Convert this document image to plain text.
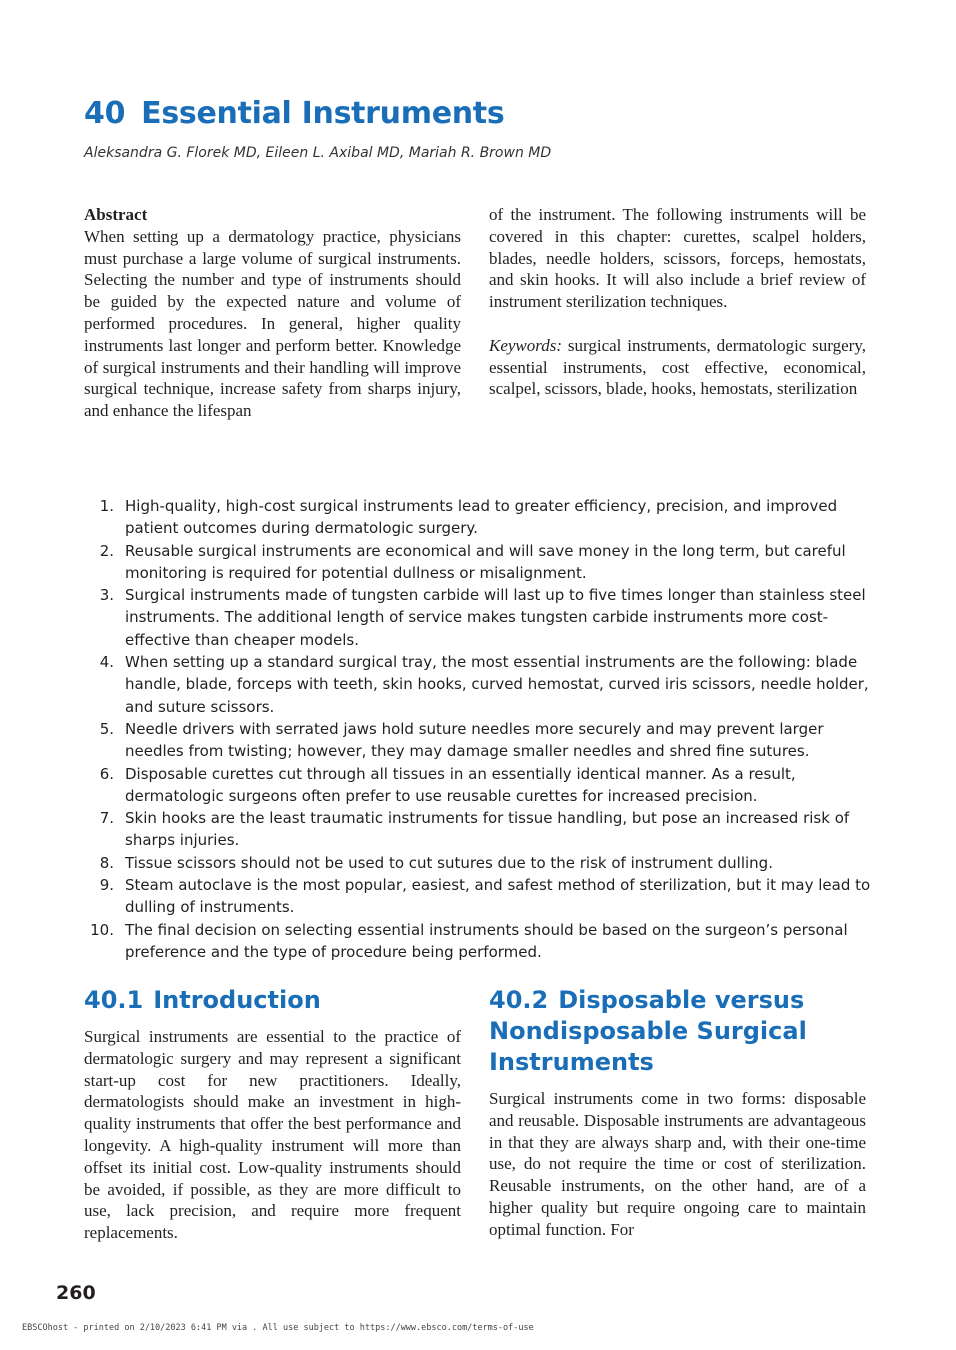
40 Essential Instruments
Aleksandra G. Florek MD, Eileen L. Axibal MD, Mariah R. Brown MD
Abstract
When setting up a dermatology practice, physicians must purchase a large volume of surgical instruments. Selecting the number and type of instruments should be guided by the expected nature and volume of performed procedures. In general, higher quality instruments last longer and perform better. Knowledge of surgical instruments and their handling will improve surgical technique, increase safety from sharps injury, and enhance the lifespan
of the instrument. The following instruments will be covered in this chapter: curettes, scalpel holders, blades, needle holders, scissors, forceps, hemostats, and skin hooks. It will also include a brief review of instrument sterilization techniques.
Keywords: surgical instruments, dermatologic surgery, essential instruments, cost effective, economical, scalpel, scissors, blade, hooks, hemostats, sterilization
1. High-quality, high-cost surgical instruments lead to greater efficiency, precision, and improved patient outcomes during dermatologic surgery.
2. Reusable surgical instruments are economical and will save money in the long term, but careful monitoring is required for potential dullness or misalignment.
3. Surgical instruments made of tungsten carbide will last up to five times longer than stainless steel instruments. The additional length of service makes tungsten carbide instruments more cost-effective than cheaper models.
4. When setting up a standard surgical tray, the most essential instruments are the following: blade handle, blade, forceps with teeth, skin hooks, curved hemostat, curved iris scissors, needle holder, and suture scissors.
5. Needle drivers with serrated jaws hold suture needles more securely and may prevent larger needles from twisting; however, they may damage smaller needles and shred fine sutures.
6. Disposable curettes cut through all tissues in an essentially identical manner. As a result, dermatologic surgeons often prefer to use reusable curettes for increased precision.
7. Skin hooks are the least traumatic instruments for tissue handling, but pose an increased risk of sharps injuries.
8. Tissue scissors should not be used to cut sutures due to the risk of instrument dulling.
9. Steam autoclave is the most popular, easiest, and safest method of sterilization, but it may lead to dulling of instruments.
10. The final decision on selecting essential instruments should be based on the surgeon’s personal preference and the type of procedure being performed.
40.1 Introduction
Surgical instruments are essential to the practice of dermatologic surgery and may represent a significant start-up cost for new practitioners. Ideally, dermatologists should make an investment in high-quality instruments that offer the best performance and longevity. A high-quality instrument will more than offset its initial cost. Low-quality instruments should be avoided, if possible, as they are more difficult to use, lack precision, and require more frequent replacements.
40.2 Disposable versus Nondisposable Surgical Instruments
Surgical instruments come in two forms: disposable and reusable. Disposable instruments are advantageous in that they are always sharp and, with their one-time use, do not require the time or cost of sterilization. Reusable instruments, on the other hand, are of a higher quality but require ongoing care to maintain optimal function. For
260
EBSCOhost - printed on 2/10/2023 6:41 PM via . All use subject to https://www.ebsco.com/terms-of-use
